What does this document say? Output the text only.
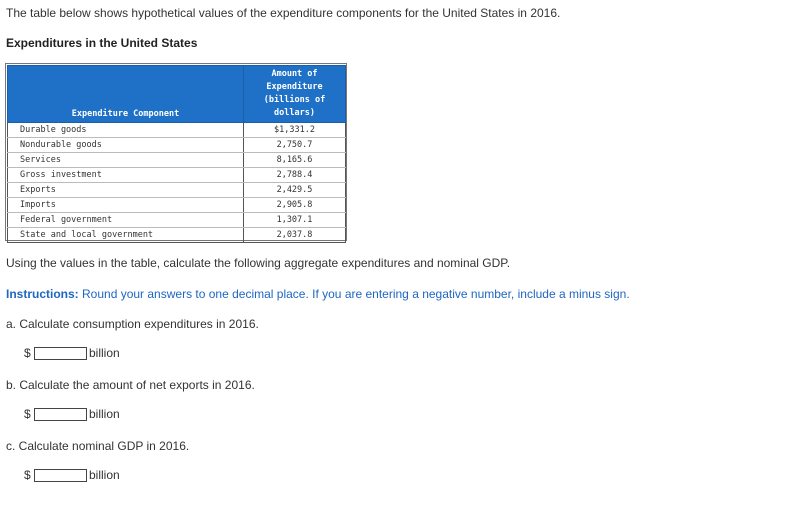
The table below shows hypothetical values of the expenditure components for the United States in 2016.
Expenditures in the United States
Expenditure Component	Amount of
Expenditure
(billions of
dollars)

Durable goods	$1,331.2
Nondurable goods	2,750.7
Services	8,165.6
Gross investment	2,788.4
Exports	2,429.5
Imports	2,905.8
Federal government	1,307.1
State and local government	2,037.8
Using the values in the table, calculate the following aggregate expenditures and nominal GDP.
Instructions: Round your answers to one decimal place. If you are entering a negative number, include a minus sign.
a. Calculate consumption expenditures in 2016.
$	billion
b. Calculate the amount of net exports in 2016.
$	billion
c. Calculate nominal GDP in 2016.
$	billion
